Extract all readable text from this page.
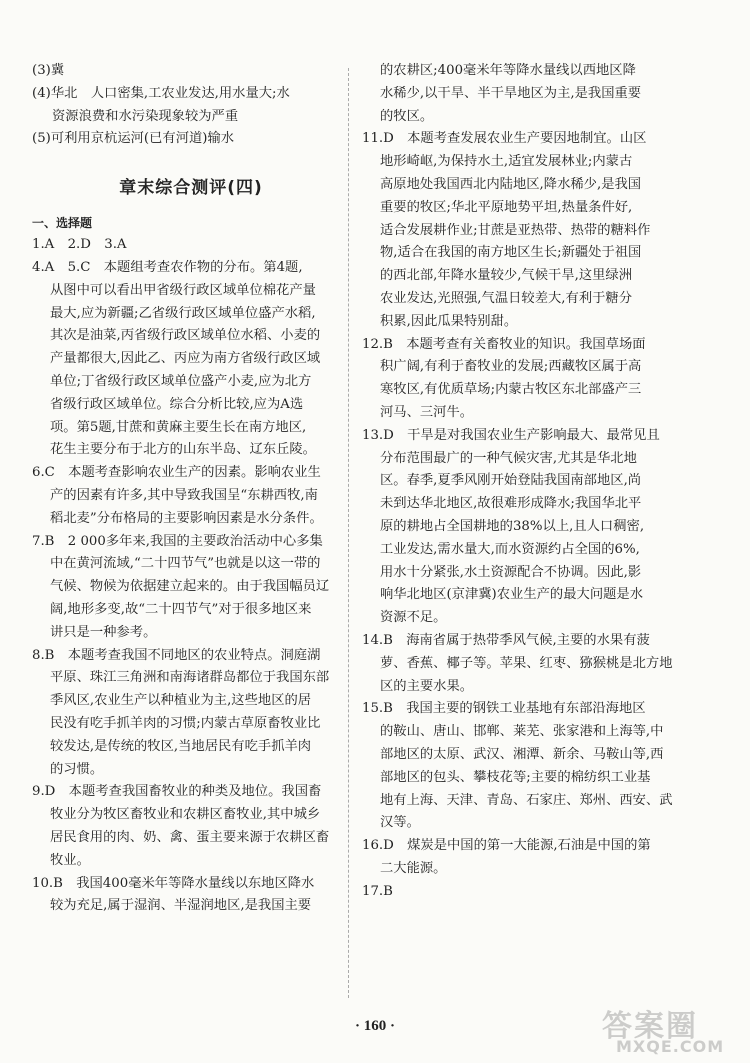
(3)冀
(4)华北　人口密集,工农业发达,用水量大;水
资源浪费和水污染现象较为严重
(5)可利用京杭运河(已有河道)输水
章末综合测评(四)
一、选择题
1.A　2.D　3.A
4.A　5.C　本题组考查农作物的分布。第4题,
从图中可以看出甲省级行政区域单位棉花产量
最大,应为新疆;乙省级行政区域单位盛产水稻,
其次是油菜,丙省级行政区域单位水稻、小麦的
产量都很大,因此乙、丙应为南方省级行政区域
单位;丁省级行政区域单位盛产小麦,应为北方
省级行政区域单位。综合分析比较,应为A选
项。第5题,甘蔗和黄麻主要生长在南方地区,
花生主要分布于北方的山东半岛、辽东丘陵。
6.C　本题考查影响农业生产的因素。影响农业生
产的因素有许多,其中导致我国呈“东耕西牧,南
稻北麦”分布格局的主要影响因素是水分条件。
7.B　2 000多年来,我国的主要政治活动中心多集
中在黄河流域,“二十四节气”也就是以这一带的
气候、物候为依据建立起来的。由于我国幅员辽
阔,地形多变,故“二十四节气”对于很多地区来
讲只是一种参考。
8.B　本题考查我国不同地区的农业特点。洞庭湖
平原、珠江三角洲和南海诸群岛都位于我国东部
季风区,农业生产以种植业为主,这些地区的居
民没有吃手抓羊肉的习惯;内蒙古草原畜牧业比
较发达,是传统的牧区,当地居民有吃手抓羊肉
的习惯。
9.D　本题考查我国畜牧业的种类及地位。我国畜
牧业分为牧区畜牧业和农耕区畜牧业,其中城乡
居民食用的肉、奶、禽、蛋主要来源于农耕区畜
牧业。
10.B　我国400毫米年等降水量线以东地区降水
较为充足,属于湿润、半湿润地区,是我国主要
的农耕区;400毫米年等降水量线以西地区降
水稀少,以干旱、半干旱地区为主,是我国重要
的牧区。
11.D　本题考查发展农业生产要因地制宜。山区
地形崎岖,为保持水土,适宜发展林业;内蒙古
高原地处我国西北内陆地区,降水稀少,是我国
重要的牧区;华北平原地势平坦,热量条件好,
适合发展耕作业;甘蔗是亚热带、热带的糖料作
物,适合在我国的南方地区生长;新疆处于祖国
的西北部,年降水量较少,气候干旱,这里绿洲
农业发达,光照强,气温日较差大,有利于糖分
积累,因此瓜果特别甜。
12.B　本题考查有关畜牧业的知识。我国草场面
积广阔,有利于畜牧业的发展;西藏牧区属于高
寒牧区,有优质草场;内蒙古牧区东北部盛产三
河马、三河牛。
13.D　干旱是对我国农业生产影响最大、最常见且
分布范围最广的一种气候灾害,尤其是华北地
区。春季,夏季风刚开始登陆我国南部地区,尚
未到达华北地区,故很难形成降水;我国华北平
原的耕地占全国耕地的38%以上,且人口稠密,
工业发达,需水量大,而水资源约占全国的6%,
用水十分紧张,水土资源配合不协调。因此,影
响华北地区(京津冀)农业生产的最大问题是水
资源不足。
14.B　海南省属于热带季风气候,主要的水果有菠
萝、香蕉、椰子等。苹果、红枣、猕猴桃是北方地
区的主要水果。
15.B　我国主要的钢铁工业基地有东部沿海地区
的鞍山、唐山、邯郸、莱芜、张家港和上海等,中
部地区的太原、武汉、湘潭、新余、马鞍山等,西
部地区的包头、攀枝花等;主要的棉纺织工业基
地有上海、天津、青岛、石家庄、郑州、西安、武
汉等。
16.D　煤炭是中国的第一大能源,石油是中国的第
二大能源。
17.B
· 160 ·	答案圈
MXQE.COM
